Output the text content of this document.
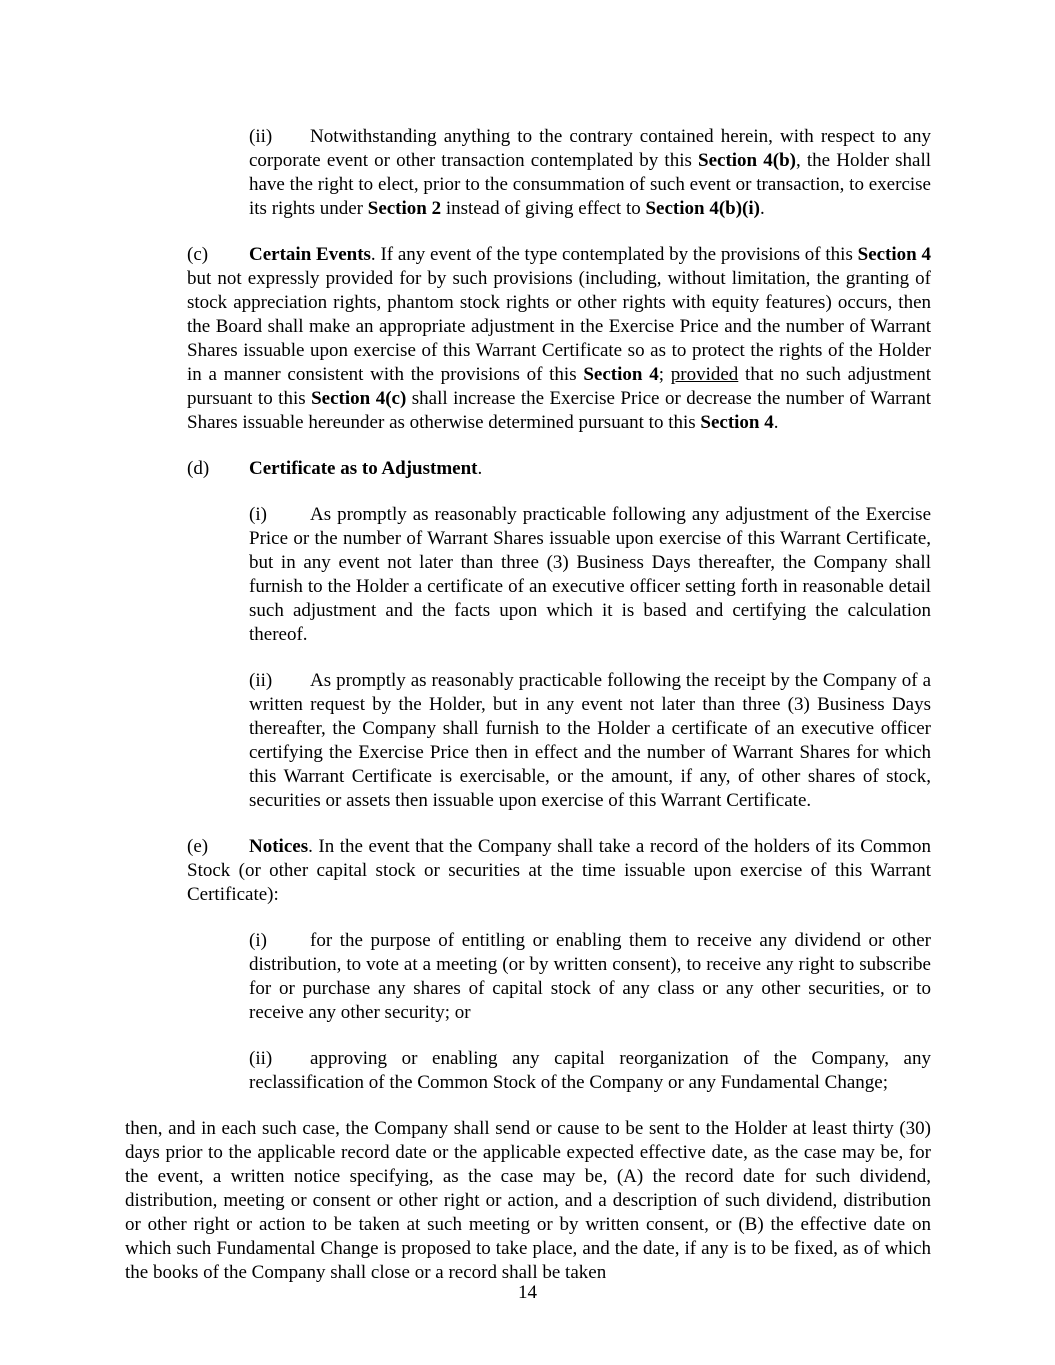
(ii) Notwithstanding anything to the contrary contained herein, with respect to any corporate event or other transaction contemplated by this Section 4(b), the Holder shall have the right to elect, prior to the consummation of such event or transaction, to exercise its rights under Section 2 instead of giving effect to Section 4(b)(i).

(c) Certain Events. If any event of the type contemplated by the provisions of this Section 4 but not expressly provided for by such provisions (including, without limitation, the granting of stock appreciation rights, phantom stock rights or other rights with equity features) occurs, then the Board shall make an appropriate adjustment in the Exercise Price and the number of Warrant Shares issuable upon exercise of this Warrant Certificate so as to protect the rights of the Holder in a manner consistent with the provisions of this Section 4; provided that no such adjustment pursuant to this Section 4(c) shall increase the Exercise Price or decrease the number of Warrant Shares issuable hereunder as otherwise determined pursuant to this Section 4.

(d) Certificate as to Adjustment.

(i) As promptly as reasonably practicable following any adjustment of the Exercise Price or the number of Warrant Shares issuable upon exercise of this Warrant Certificate, but in any event not later than three (3) Business Days thereafter, the Company shall furnish to the Holder a certificate of an executive officer setting forth in reasonable detail such adjustment and the facts upon which it is based and certifying the calculation thereof.

(ii) As promptly as reasonably practicable following the receipt by the Company of a written request by the Holder, but in any event not later than three (3) Business Days thereafter, the Company shall furnish to the Holder a certificate of an executive officer certifying the Exercise Price then in effect and the number of Warrant Shares for which this Warrant Certificate is exercisable, or the amount, if any, of other shares of stock, securities or assets then issuable upon exercise of this Warrant Certificate.

(e) Notices. In the event that the Company shall take a record of the holders of its Common Stock (or other capital stock or securities at the time issuable upon exercise of this Warrant Certificate):

(i) for the purpose of entitling or enabling them to receive any dividend or other distribution, to vote at a meeting (or by written consent), to receive any right to subscribe for or purchase any shares of capital stock of any class or any other securities, or to receive any other security; or

(ii) approving or enabling any capital reorganization of the Company, any reclassification of the Common Stock of the Company or any Fundamental Change;

then, and in each such case, the Company shall send or cause to be sent to the Holder at least thirty (30) days prior to the applicable record date or the applicable expected effective date, as the case may be, for the event, a written notice specifying, as the case may be, (A) the record date for such dividend, distribution, meeting or consent or other right or action, and a description of such dividend, distribution or other right or action to be taken at such meeting or by written consent, or (B) the effective date on which such Fundamental Change is proposed to take place, and the date, if any is to be fixed, as of which the books of the Company shall close or a record shall be taken

14
